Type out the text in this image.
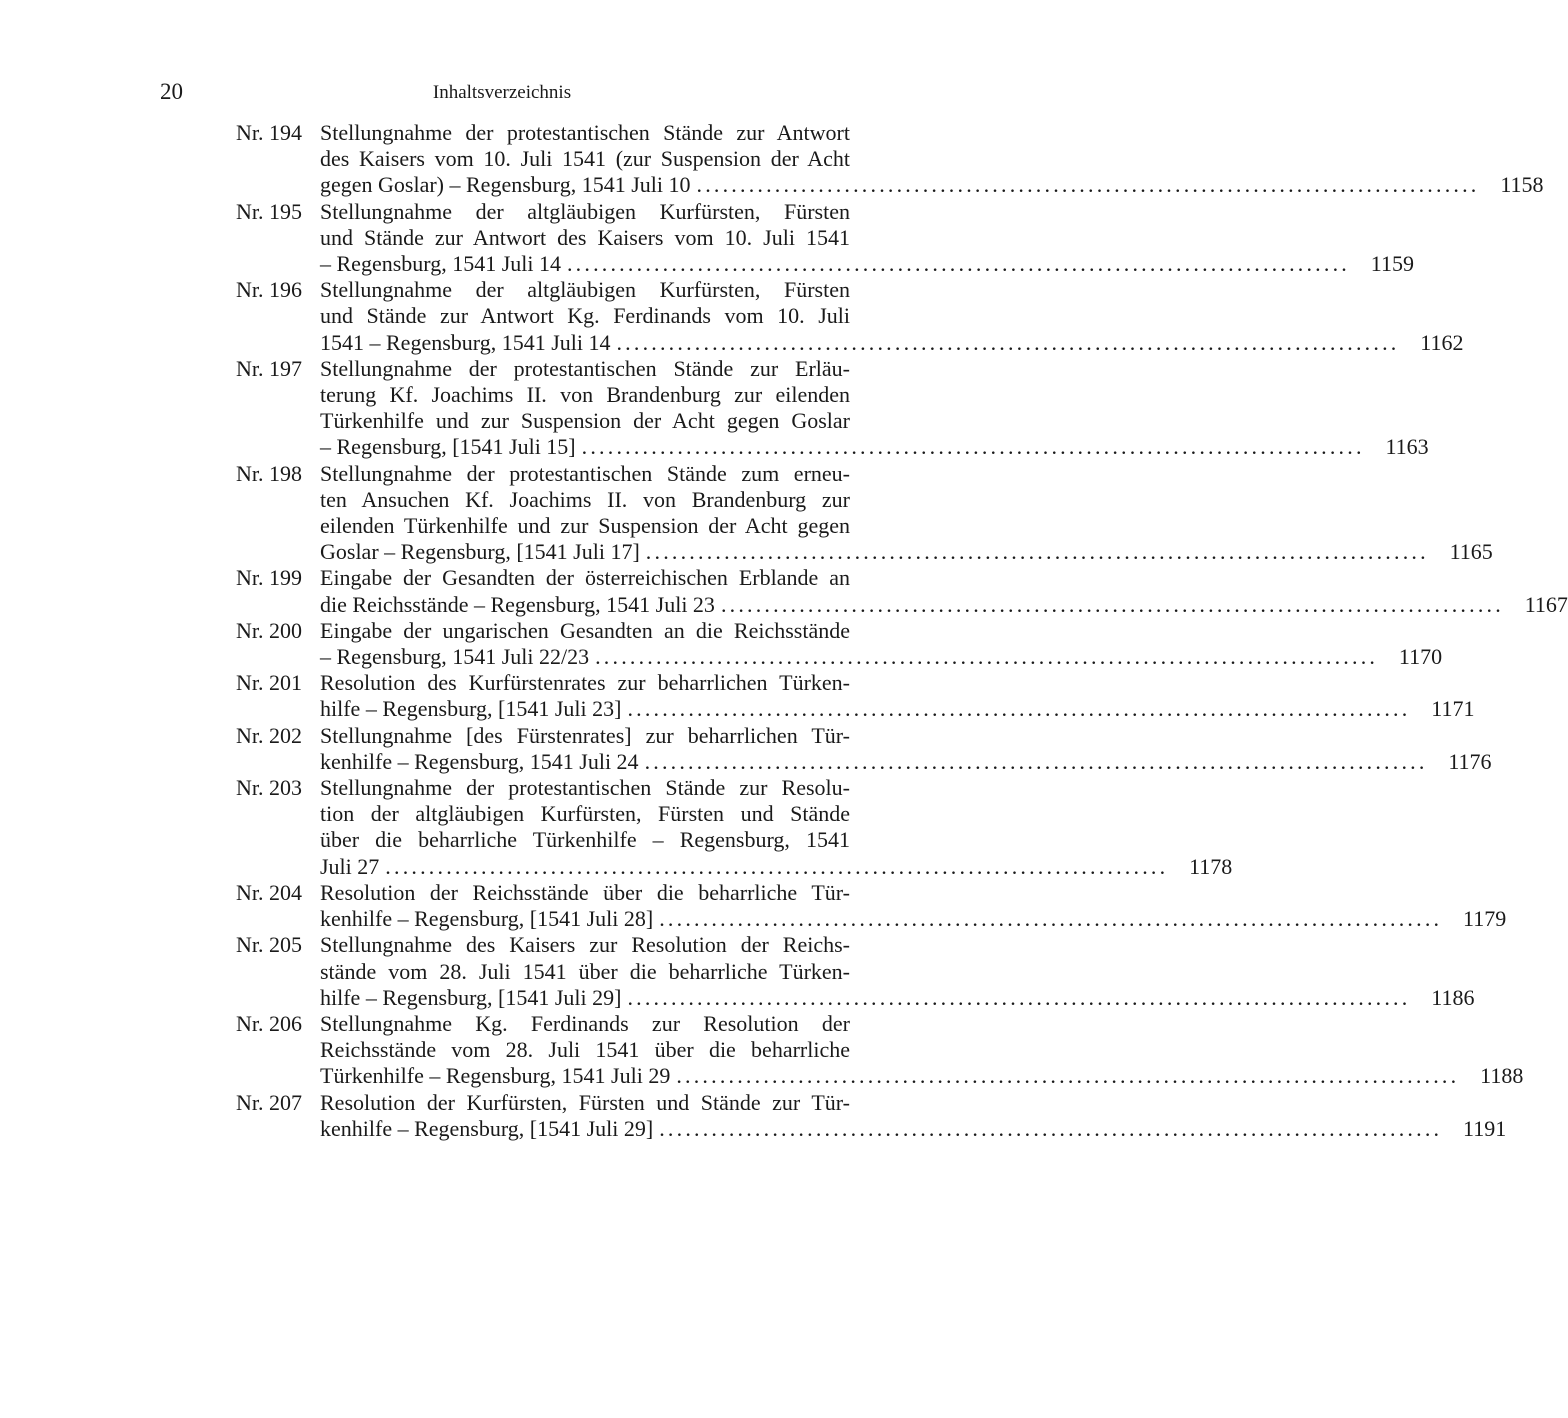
20	Inhaltsverzeichnis
Nr. 194 Stellungnahme der protestantischen Stände zur Antwort
des Kaisers vom 10. Juli 1541 (zur Suspension der Acht
gegen Goslar) – Regensburg, 1541 Juli 10 .......................................................................................... 1158
Nr. 195 Stellungnahme der altgläubigen Kurfürsten, Fürsten
und Stände zur Antwort des Kaisers vom 10. Juli 1541
– Regensburg, 1541 Juli 14 .......................................................................................... 1159
Nr. 196 Stellungnahme der altgläubigen Kurfürsten, Fürsten
und Stände zur Antwort Kg. Ferdinands vom 10. Juli
1541 – Regensburg, 1541 Juli 14 .......................................................................................... 1162
Nr. 197 Stellungnahme der protestantischen Stände zur Erläu-
terung Kf. Joachims II. von Brandenburg zur eilenden
Türkenhilfe und zur Suspension der Acht gegen Goslar
– Regensburg, [1541 Juli 15] .......................................................................................... 1163
Nr. 198 Stellungnahme der protestantischen Stände zum erneu-
ten Ansuchen Kf. Joachims II. von Brandenburg zur
eilenden Türkenhilfe und zur Suspension der Acht gegen
Goslar – Regensburg, [1541 Juli 17] .......................................................................................... 1165
Nr. 199 Eingabe der Gesandten der österreichischen Erblande an
die Reichsstände – Regensburg, 1541 Juli 23 .......................................................................................... 1167
Nr. 200 Eingabe der ungarischen Gesandten an die Reichsstände
– Regensburg, 1541 Juli 22/23 .......................................................................................... 1170
Nr. 201 Resolution des Kurfürstenrates zur beharrlichen Türken-
hilfe – Regensburg, [1541 Juli 23] .......................................................................................... 1171
Nr. 202 Stellungnahme [des Fürstenrates] zur beharrlichen Tür-
kenhilfe – Regensburg, 1541 Juli 24 .......................................................................................... 1176
Nr. 203 Stellungnahme der protestantischen Stände zur Resolu-
tion der altgläubigen Kurfürsten, Fürsten und Stände
über die beharrliche Türkenhilfe – Regensburg, 1541
Juli 27 .......................................................................................... 1178
Nr. 204 Resolution der Reichsstände über die beharrliche Tür-
kenhilfe – Regensburg, [1541 Juli 28] .......................................................................................... 1179
Nr. 205 Stellungnahme des Kaisers zur Resolution der Reichs-
stände vom 28. Juli 1541 über die beharrliche Türken-
hilfe – Regensburg, [1541 Juli 29] .......................................................................................... 1186
Nr. 206 Stellungnahme Kg. Ferdinands zur Resolution der
Reichsstände vom 28. Juli 1541 über die beharrliche
Türkenhilfe – Regensburg, 1541 Juli 29 .......................................................................................... 1188
Nr. 207 Resolution der Kurfürsten, Fürsten und Stände zur Tür-
kenhilfe – Regensburg, [1541 Juli 29] .......................................................................................... 1191
